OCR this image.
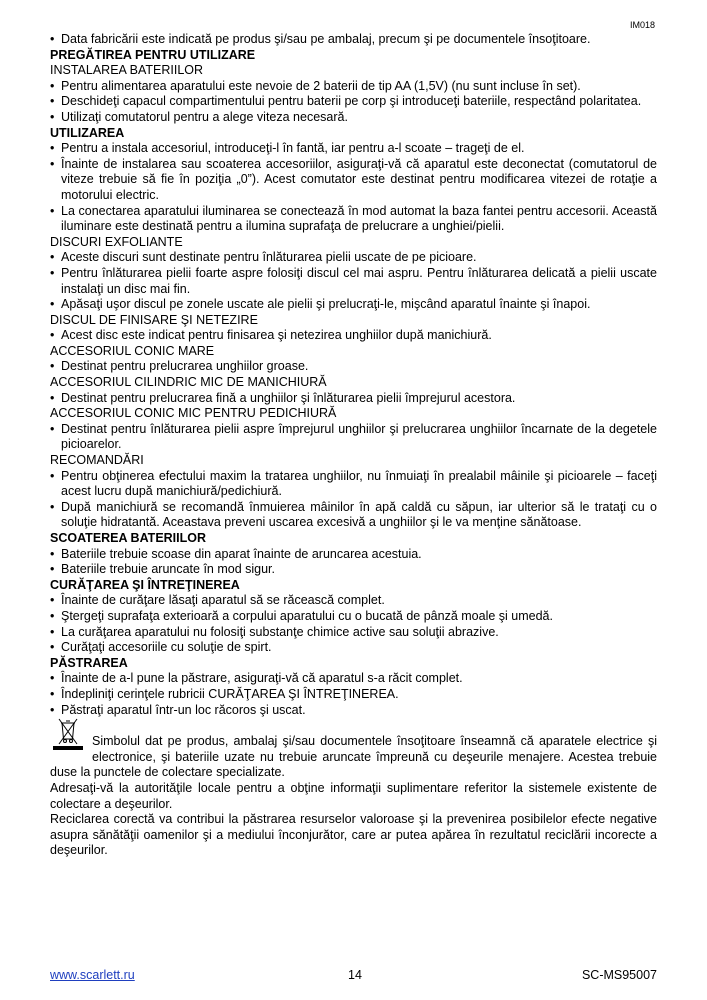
IM018

• Data fabricării este indicată pe produs şi/sau pe ambalaj, precum şi pe documentele însoţitoare.

PREGĂTIREA PENTRU UTILIZARE

INSTALAREA BATERIILOR

• Pentru alimentarea aparatului este nevoie de 2 baterii de tip AA (1,5V) (nu sunt incluse în set).

• Deschideţi capacul compartimentului pentru baterii pe corp şi introduceţi bateriile, respectând polaritatea.

• Utilizaţi comutatorul pentru a alege viteza necesară.

UTILIZAREA

• Pentru a instala accesoriul, introduceţi-l în fantă, iar pentru a-l scoate – trageţi de el.

• Înainte de instalarea sau scoaterea accesoriilor, asiguraţi-vă că aparatul este deconectat (comutatorul de viteze trebuie să fie în poziţia „0”). Acest comutator este destinat pentru modificarea vitezei de rotaţie a motorului electric.

• La conectarea aparatului iluminarea se conectează în mod automat la baza fantei pentru accesorii. Această iluminare este destinată pentru a ilumina suprafaţa de prelucrare a unghiei/pielii.

DISCURI EXFOLIANTE

• Aceste discuri sunt destinate pentru înlăturarea pielii uscate de pe picioare.

• Pentru înlăturarea pielii foarte aspre folosiţi discul cel mai aspru. Pentru înlăturarea delicată a pielii uscate instalaţi un disc mai fin.

• Apăsaţi uşor discul pe zonele uscate ale pielii şi prelucraţi-le, mişcând aparatul înainte şi înapoi.

DISCUL DE FINISARE ŞI NETEZIRE

• Acest disc este indicat pentru finisarea şi netezirea unghiilor după manichiură.

ACCESORIUL CONIC MARE

• Destinat pentru prelucrarea unghiilor groase.

ACCESORIUL CILINDRIC MIC DE MANICHIURĂ

• Destinat pentru prelucrarea fină a unghiilor şi înlăturarea pielii împrejurul acestora.

ACCESORIUL CONIC MIC PENTRU PEDICHIURĂ

• Destinat pentru înlăturarea pielii aspre împrejurul unghiilor şi prelucrarea unghiilor încarnate de la degetele picioarelor.

RECOMANDĂRI

• Pentru obţinerea efectului maxim la tratarea unghiilor, nu înmuiaţi în prealabil mâinile şi picioarele – faceţi acest lucru după manichiură/pedichiură.

• După manichiură se recomandă înmuierea mâinilor în apă caldă cu săpun, iar ulterior să le trataţi cu o soluţie hidratantă. Aceastava preveni uscarea excesivă a unghiilor şi le va menţine sănătoase.

SCOATEREA BATERIILOR

• Bateriile trebuie scoase din aparat înainte de aruncarea acestuia.

• Bateriile trebuie aruncate în mod sigur.

CURĂŢAREA ŞI ÎNTREŢINEREA

• Înainte de curăţare lăsaţi aparatul să se răcească complet.

• Ştergeţi suprafaţa exterioară a corpului aparatului cu o bucată de pânză moale şi umedă.

• La curăţarea aparatului nu folosiţi substanţe chimice active sau soluţii abrazive.

• Curăţaţi accesoriile cu soluţie de spirt.

PĂSTRAREA

• Înainte de a-l pune la păstrare, asiguraţi-vă că aparatul s-a răcit complet.

• Îndepliniţi cerinţele rubricii CURĂŢAREA ŞI ÎNTREŢINEREA.

• Păstraţi aparatul într-un loc răcoros şi uscat.

Simbolul dat pe produs, ambalaj şi/sau documentele însoţitoare înseamnă că aparatele electrice şi electronice, şi bateriile uzate nu trebuie aruncate împreună cu deşeurile menajere. Acestea trebuie duse la punctele de colectare specializate.

Adresaţi-vă la autorităţile locale pentru a obţine informaţii suplimentare referitor la sistemele existente de colectare a deşeurilor.

Reciclarea corectă va contribui la păstrarea resurselor valoroase şi la prevenirea posibilelor efecte negative asupra sănătăţii oamenilor şi a mediului înconjurător, care ar putea apărea în rezultatul reciclării incorecte a deşeurilor.

www.scarlett.ru	14	SC-MS95007
